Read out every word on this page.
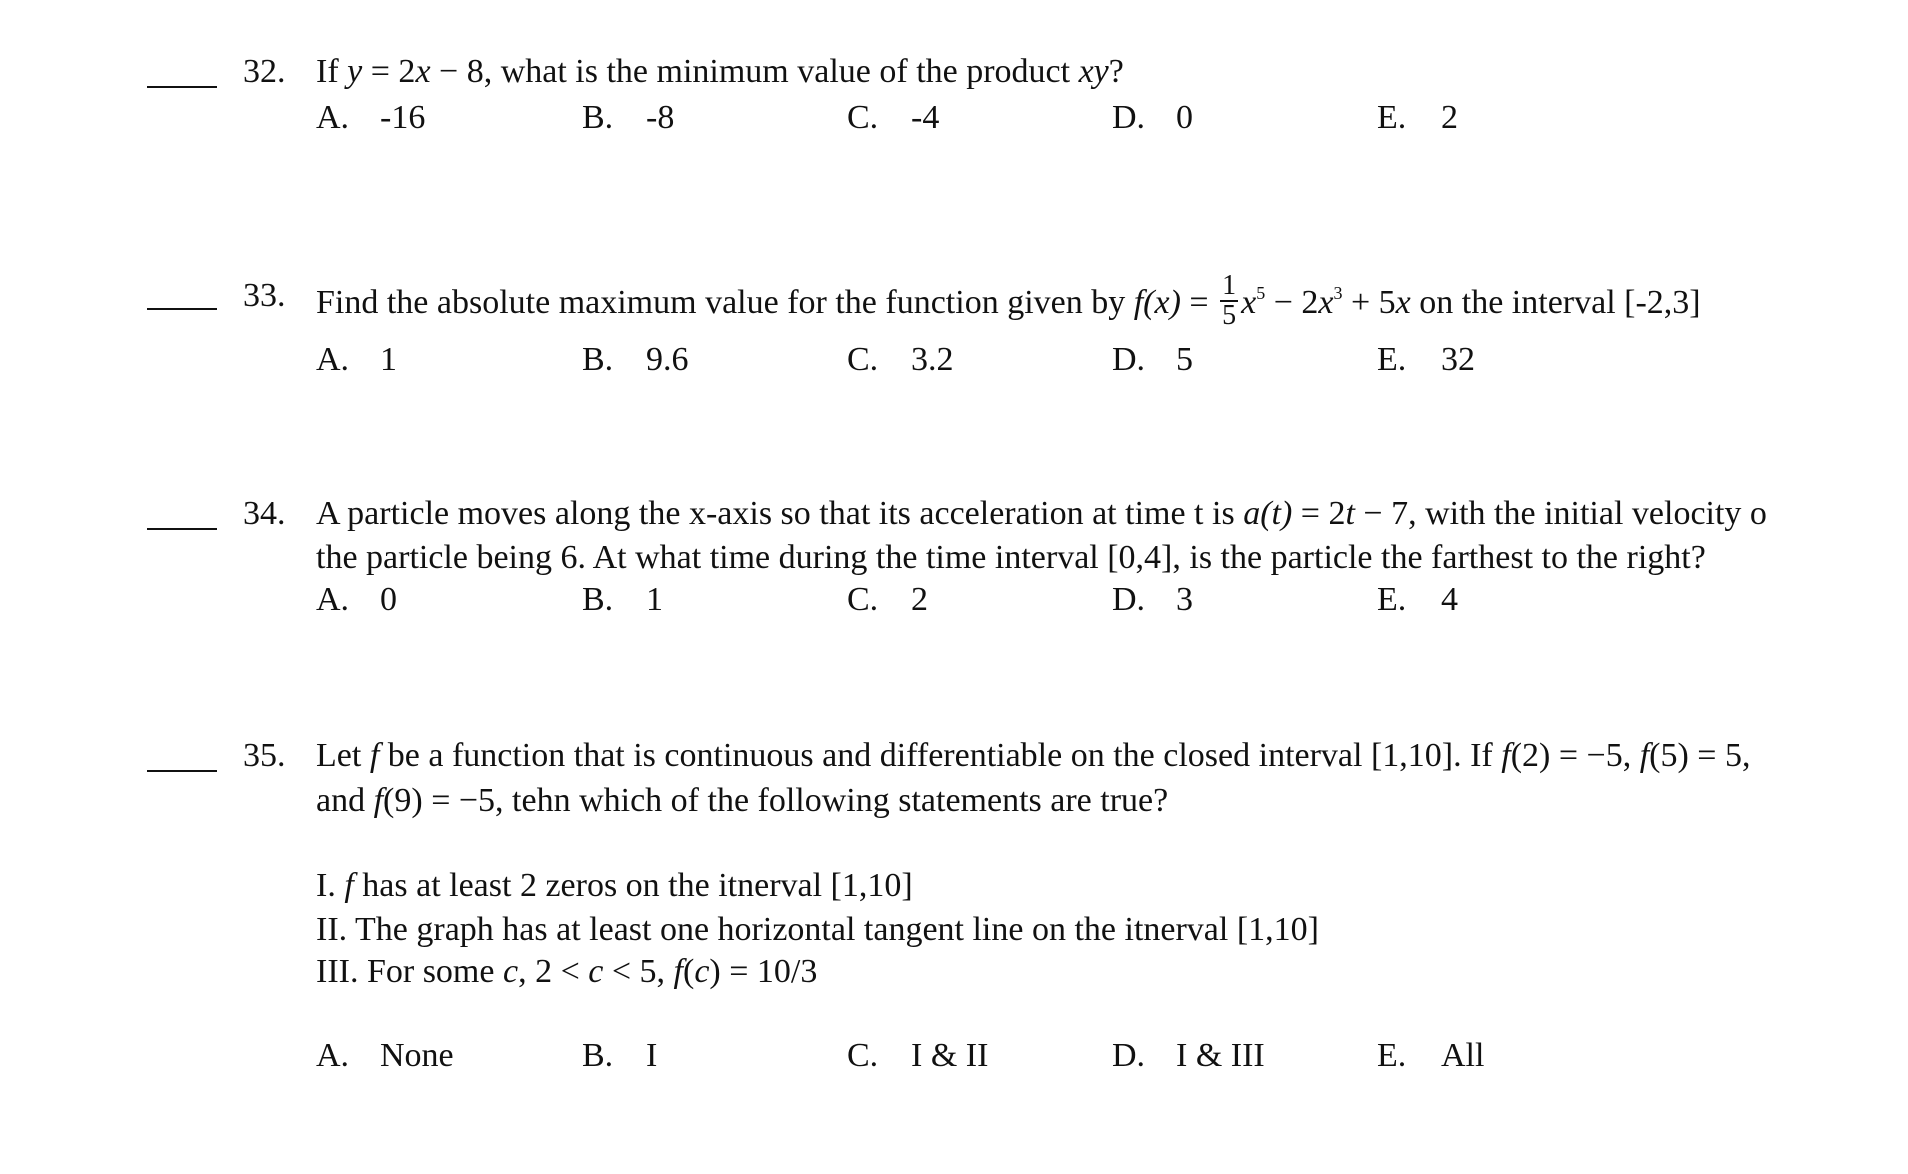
32. If y = 2x − 8, what is the minimum value of the product xy?
A. -16	B. -8	C. -4	D. 0	E. 2
33. Find the absolute maximum value for the function given by $f(x) = \frac{1}{5} x^5 - 2x^3 + 5x$ on the interval [-2,3]
A. 1	B. 9.6	C. 3.2	D. 5	E. 32
34. A particle moves along the x-axis so that its acceleration at time t is a(t) = 2t − 7, with the initial velocity o
the particle being 6. At what time during the time interval [0,4], is the particle the farthest to the right?
A. 0	B. 1	C. 2	D. 3	E. 4
35. Let f be a function that is continuous and differentiable on the closed interval [1,10]. If f(2) = −5, f(5) = 5,
and f(9) = −5, tehn which of the following statements are true?
I. f has at least 2 zeros on the itnerval [1,10]
II. The graph has at least one horizontal tangent line on the itnerval [1,10]
III. For some c, 2 < c < 5, f(c) = 10/3
A. None	B. I	C. I & II	D. I & III	E. All
